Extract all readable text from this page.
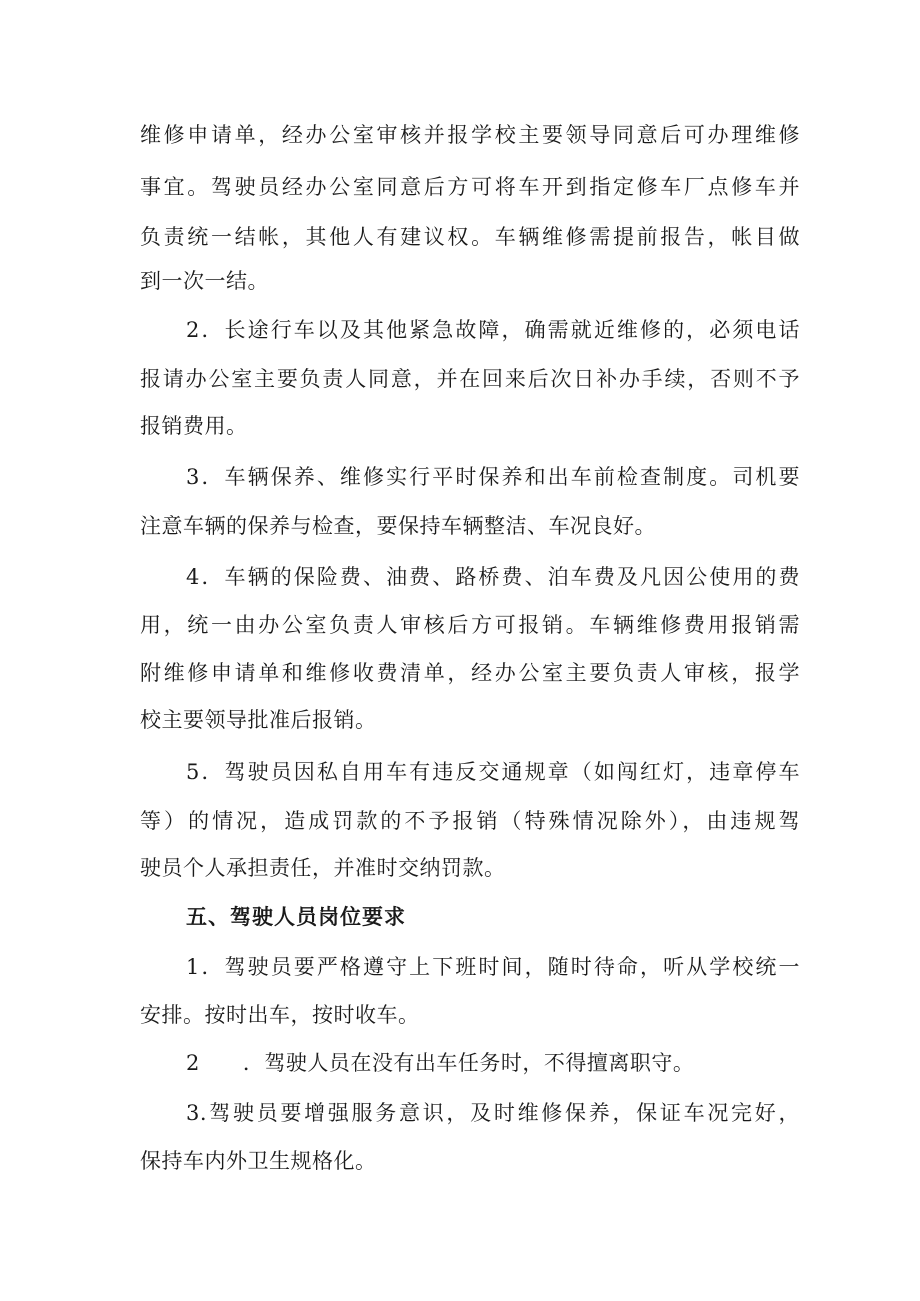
维修申请单，经办公室审核并报学校主要领导同意后可办理维修
事宜。驾驶员经办公室同意后方可将车开到指定修车厂点修车并
负责统一结帐，其他人有建议权。车辆维修需提前报告，帐目做
到一次一结。
2．长途行车以及其他紧急故障，确需就近维修的，必须电话
报请办公室主要负责人同意，并在回来后次日补办手续，否则不予
报销费用。
3．车辆保养、维修实行平时保养和出车前检查制度。司机要
注意车辆的保养与检查，要保持车辆整洁、车况良好。
4．车辆的保险费、油费、路桥费、泊车费及凡因公使用的费
用，统一由办公室负责人审核后方可报销。车辆维修费用报销需
附维修申请单和维修收费清单，经办公室主要负责人审核，报学
校主要领导批准后报销。
5．驾驶员因私自用车有违反交通规章（如闯红灯，违章停车
等）的情况，造成罚款的不予报销（特殊情况除外），由违规驾
驶员个人承担责任，并准时交纳罚款。
五、驾驶人员岗位要求
1．驾驶员要严格遵守上下班时间，随时待命，听从学校统一
安排。按时出车，按时收车。
2　　．驾驶人员在没有出车任务时，不得擅离职守。
3.驾驶员要增强服务意识，及时维修保养，保证车况完好，
保持车内外卫生规格化。
